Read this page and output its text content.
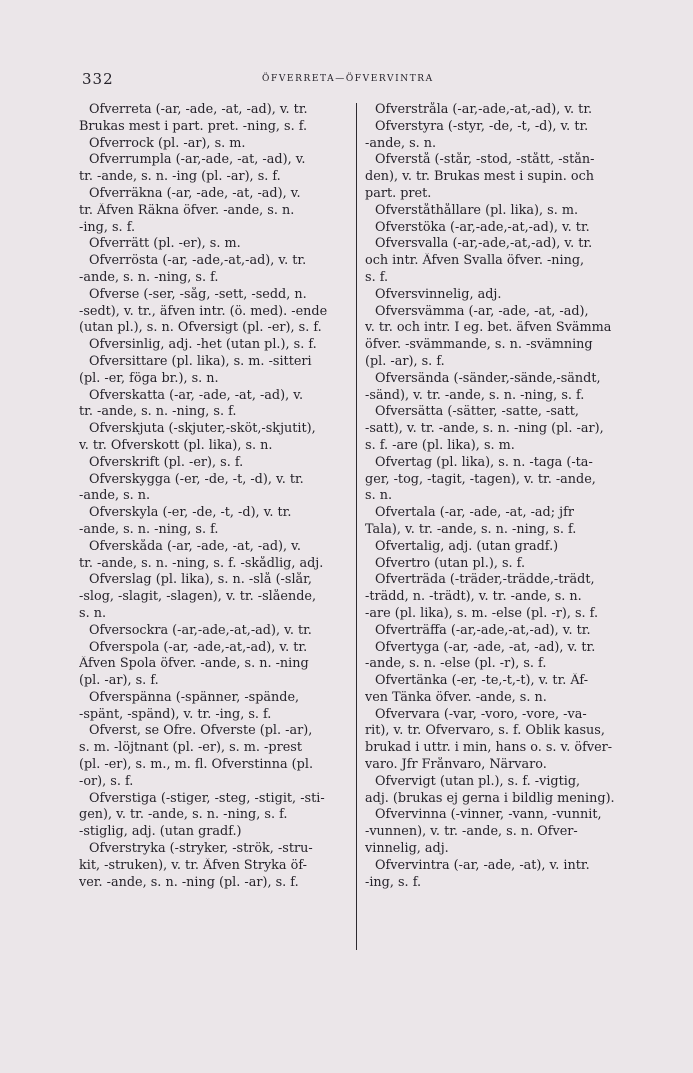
332	ÖFVERRETA—ÖFVERVINTRA
Öfverreta (-ar, -ade, -at, -ad), v. tr.
Brukas mest i part. pret. -ning, s. f.
Öfverrock (pl. -ar), s. m.
Öfverrumpla (-ar,-ade, -at, -ad), v.
tr. -ande, s. n. -ing (pl. -ar), s. f.
Öfverräkna (-ar, -ade, -at, -ad), v.
tr. Äfven Räkna öfver. -ande, s. n.
-ing, s. f.
Öfverrätt (pl. -er), s. m.
Öfverrösta (-ar, -ade,-at,-ad), v. tr.
-ande, s. n. -ning, s. f.
Öfverse (-ser, -såg, -sett, -sedd, n.
-sedt), v. tr., äfven intr. (ö. med). -ende
(utan pl.), s. n. Öfversigt (pl. -er), s. f.
Öfversinlig, adj. -het (utan pl.), s. f.
Öfversittare (pl. lika), s. m. -sitteri
(pl. -er, föga br.), s. n.
Öfverskatta (-ar, -ade, -at, -ad), v.
tr. -ande, s. n. -ning, s. f.
Öfverskjuta (-skjuter,-sköt,-skjutit),
v. tr. Öfverskott (pl. lika), s. n.
Öfverskrift (pl. -er), s. f.
Öfverskygga (-er, -de, -t, -d), v. tr.
-ande, s. n.
Öfverskyla (-er, -de, -t, -d), v. tr.
-ande, s. n. -ning, s. f.
Öfverskåda (-ar, -ade, -at, -ad), v.
tr. -ande, s. n. -ning, s. f. -skådlig, adj.
Öfverslag (pl. lika), s. n. -slå (-slår,
-slog, -slagit, -slagen), v. tr. -slående,
s. n.
Öfversockra (-ar,-ade,-at,-ad), v. tr.
Öfverspola (-ar, -ade,-at,-ad), v. tr.
Äfven Spola öfver. -ande, s. n. -ning
(pl. -ar), s. f.
Öfverspänna (-spänner, -spände,
-spänt, -spänd), v. tr. -ing, s. f.
Öfverst, se Öfre. Öfverste (pl. -ar),
s. m. -löjtnant (pl. -er), s. m. -prest
(pl. -er), s. m., m. fl. Öfverstinna (pl.
-or), s. f.
Öfverstiga (-stiger, -steg, -stigit, -sti-
gen), v. tr. -ande, s. n. -ning, s. f.
-stiglig, adj. (utan gradf.)
Öfverstryka (-stryker, -strök, -stru-
kit, -struken), v. tr. Äfven Stryka öf-
ver. -ande, s. n. -ning (pl. -ar), s. f.
Öfverstråla (-ar,-ade,-at,-ad), v. tr.
Öfverstyra (-styr, -de, -t, -d), v. tr.
-ande, s. n.
Öfverstå (-står, -stod, -stått, -stån-
den), v. tr. Brukas mest i supin. och
part. pret.
Öfverståthållare (pl. lika), s. m.
Öfverstöka (-ar,-ade,-at,-ad), v. tr.
Öfversvalla (-ar,-ade,-at,-ad), v. tr.
och intr. Äfven Svalla öfver. -ning,
s. f.
Öfversvinnelig, adj.
Öfversvämma (-ar, -ade, -at, -ad),
v. tr. och intr. I eg. bet. äfven Svämma
öfver. -svämmande, s. n. -svämning
(pl. -ar), s. f.
Öfversända (-sänder,-sände,-sändt,
-sänd), v. tr. -ande, s. n. -ning, s. f.
Öfversätta (-sätter, -satte, -satt,
-satt), v. tr. -ande, s. n. -ning (pl. -ar),
s. f. -are (pl. lika), s. m.
Öfvertag (pl. lika), s. n. -taga (-ta-
ger, -tog, -tagit, -tagen), v. tr. -ande,
s. n.
Öfvertala (-ar, -ade, -at, -ad; jfr
Tala), v. tr. -ande, s. n. -ning, s. f.
Öfvertalig, adj. (utan gradf.)
Öfvertro (utan pl.), s. f.
Öfverträda (-träder,-trädde,-trädt,
-trädd, n. -trädt), v. tr. -ande, s. n.
-are (pl. lika), s. m. -else (pl. -r), s. f.
Öfverträffa (-ar,-ade,-at,-ad), v. tr.
Öfvertyga (-ar, -ade, -at, -ad), v. tr.
-ande, s. n. -else (pl. -r), s. f.
Öfvertänka (-er, -te,-t,-t), v. tr. Äf-
ven Tänka öfver. -ande, s. n.
Öfvervara (-var, -voro, -vore, -va-
rit), v. tr. Öfvervaro, s. f. Oblik kasus,
brukad i uttr. i min, hans o. s. v. öfver-
varo. Jfr Frånvaro, Närvaro.
Öfvervigt (utan pl.), s. f. -vigtig,
adj. (brukas ej gerna i bildlig mening).
Öfvervinna (-vinner, -vann, -vunnit,
-vunnen), v. tr. -ande, s. n. Öfver-
vinnelig, adj.
Öfvervintra (-ar, -ade, -at), v. intr.
-ing, s. f.
